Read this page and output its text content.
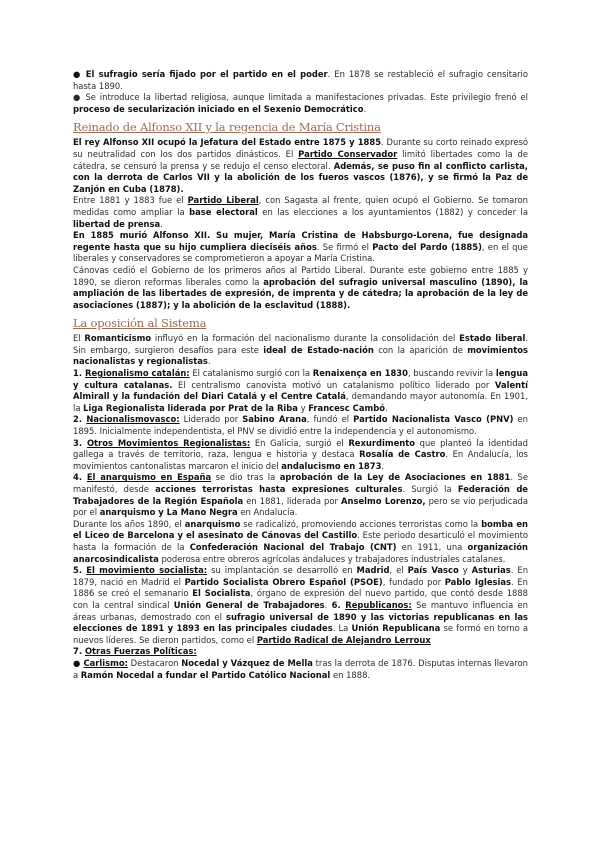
● El sufragio sería fijado por el partido en el poder. En 1878 se restableció el sufragio censitario hasta 1890.

● Se introduce la libertad religiosa, aunque limitada a manifestaciones privadas. Este privilegio frenó el proceso de secularización iniciado en el Sexenio Democrático.

Reinado de Alfonso XII y la regencia de María Cristina

El rey Alfonso XII ocupó la Jefatura del Estado entre 1875 y 1885. Durante su corto reinado expresó su neutralidad con los dos partidos dinásticos. El Partido Conservador limitó libertades como la de cátedra, se censuró la prensa y se redujo el censo electoral. Además, se puso fin al conflicto carlista, con la derrota de Carlos VII y la abolición de los fueros vascos (1876), y se firmó la Paz de Zanjón en Cuba (1878).

Entre 1881 y 1883 fue el Partido Liberal, con Sagasta al frente, quien ocupó el Gobierno. Se tomaron medidas como ampliar la base electoral en las elecciones a los ayuntamientos (1882) y conceder la libertad de prensa.

En 1885 murió Alfonso XII. Su mujer, María Cristina de Habsburgo-Lorena, fue designada regente hasta que su hijo cumpliera dieciséis años. Se firmó el Pacto del Pardo (1885), en el que liberales y conservadores se comprometieron a apoyar a María Cristina.

Cánovas cedió el Gobierno de los primeros años al Partido Liberal. Durante este gobierno entre 1885 y 1890, se dieron reformas liberales como la aprobación del sufragio universal masculino (1890), la ampliación de las libertades de expresión, de imprenta y de cátedra; la aprobación de la ley de asociaciones (1887); y la abolición de la esclavitud (1888).

La oposición al Sistema

El Romanticismo influyó en la formación del nacionalismo durante la consolidación del Estado liberal. Sin embargo, surgieron desafíos para este ideal de Estado-nación con la aparición de movimientos nacionalistas y regionalistas.

1. Regionalismo catalán: El catalanismo surgió con la Renaixença en 1830, buscando revivir la lengua y cultura catalanas. El centralismo canovista motivó un catalanismo político liderado por Valentí Almirall y la fundación del Diari Catalá y el Centre Catalá, demandando mayor autonomía. En 1901, la Liga Regionalista liderada por Prat de la Riba y Francesc Cambó.

2. Nacionalismovasco: Liderado por Sabino Arana, fundó el Partido Nacionalista Vasco (PNV) en 1895. Inicialmente independentista, el PNV se dividió entre la independencia y el autonomismo.

3. Otros Movimientos Regionalistas: En Galicia, surgió el Rexurdimento que planteó la identidad gallega a través de territorio, raza, lengua e historia y destaca Rosalía de Castro. En Andalucía, los movimientos cantonalistas marcaron el inicio del andalucismo en 1873.

4. El anarquismo en España se dio tras la aprobación de la Ley de Asociaciones en 1881. Se manifestó, desde acciones terroristas hasta expresiones culturales. Surgió la Federación de Trabajadores de la Región Española en 1881, liderada por Anselmo Lorenzo, pero se vio perjudicada por el anarquismo y La Mano Negra en Andalucía.

Durante los años 1890, el anarquismo se radicalizó, promoviendo acciones terroristas como la bomba en el Liceo de Barcelona y el asesinato de Cánovas del Castillo. Este periodo desarticuló el movimiento hasta la formación de la Confederación Nacional del Trabajo (CNT) en 1911, una organización anarcosindicalista poderosa entre obreros agrícolas andaluces y trabajadores industriales catalanes.

5. El movimiento socialista: su implantación se desarrolló en Madrid, el País Vasco y Asturias. En 1879, nació en Madrid el Partido Socialista Obrero Español (PSOE), fundado por Pablo Iglesias. En 1886 se creó el semanario El Socialista, órgano de expresión del nuevo partido, que contó desde 1888 con la central sindical Unión General de Trabajadores. 6. Republicanos: Se mantuvo influencia en áreas urbanas, demostrado con el sufragio universal de 1890 y las victorias republicanas en las elecciones de 1891 y 1893 en las principales ciudades. La Unión Republicana se formó en torno a nuevos líderes. Se dieron partidos, como el Partido Radical de Alejandro Lerroux

7. Otras Fuerzas Políticas:

● Carlismo: Destacaron Nocedal y Vázquez de Mella tras la derrota de 1876. Disputas internas llevaron a Ramón Nocedal a fundar el Partido Católico Nacional en 1888.
